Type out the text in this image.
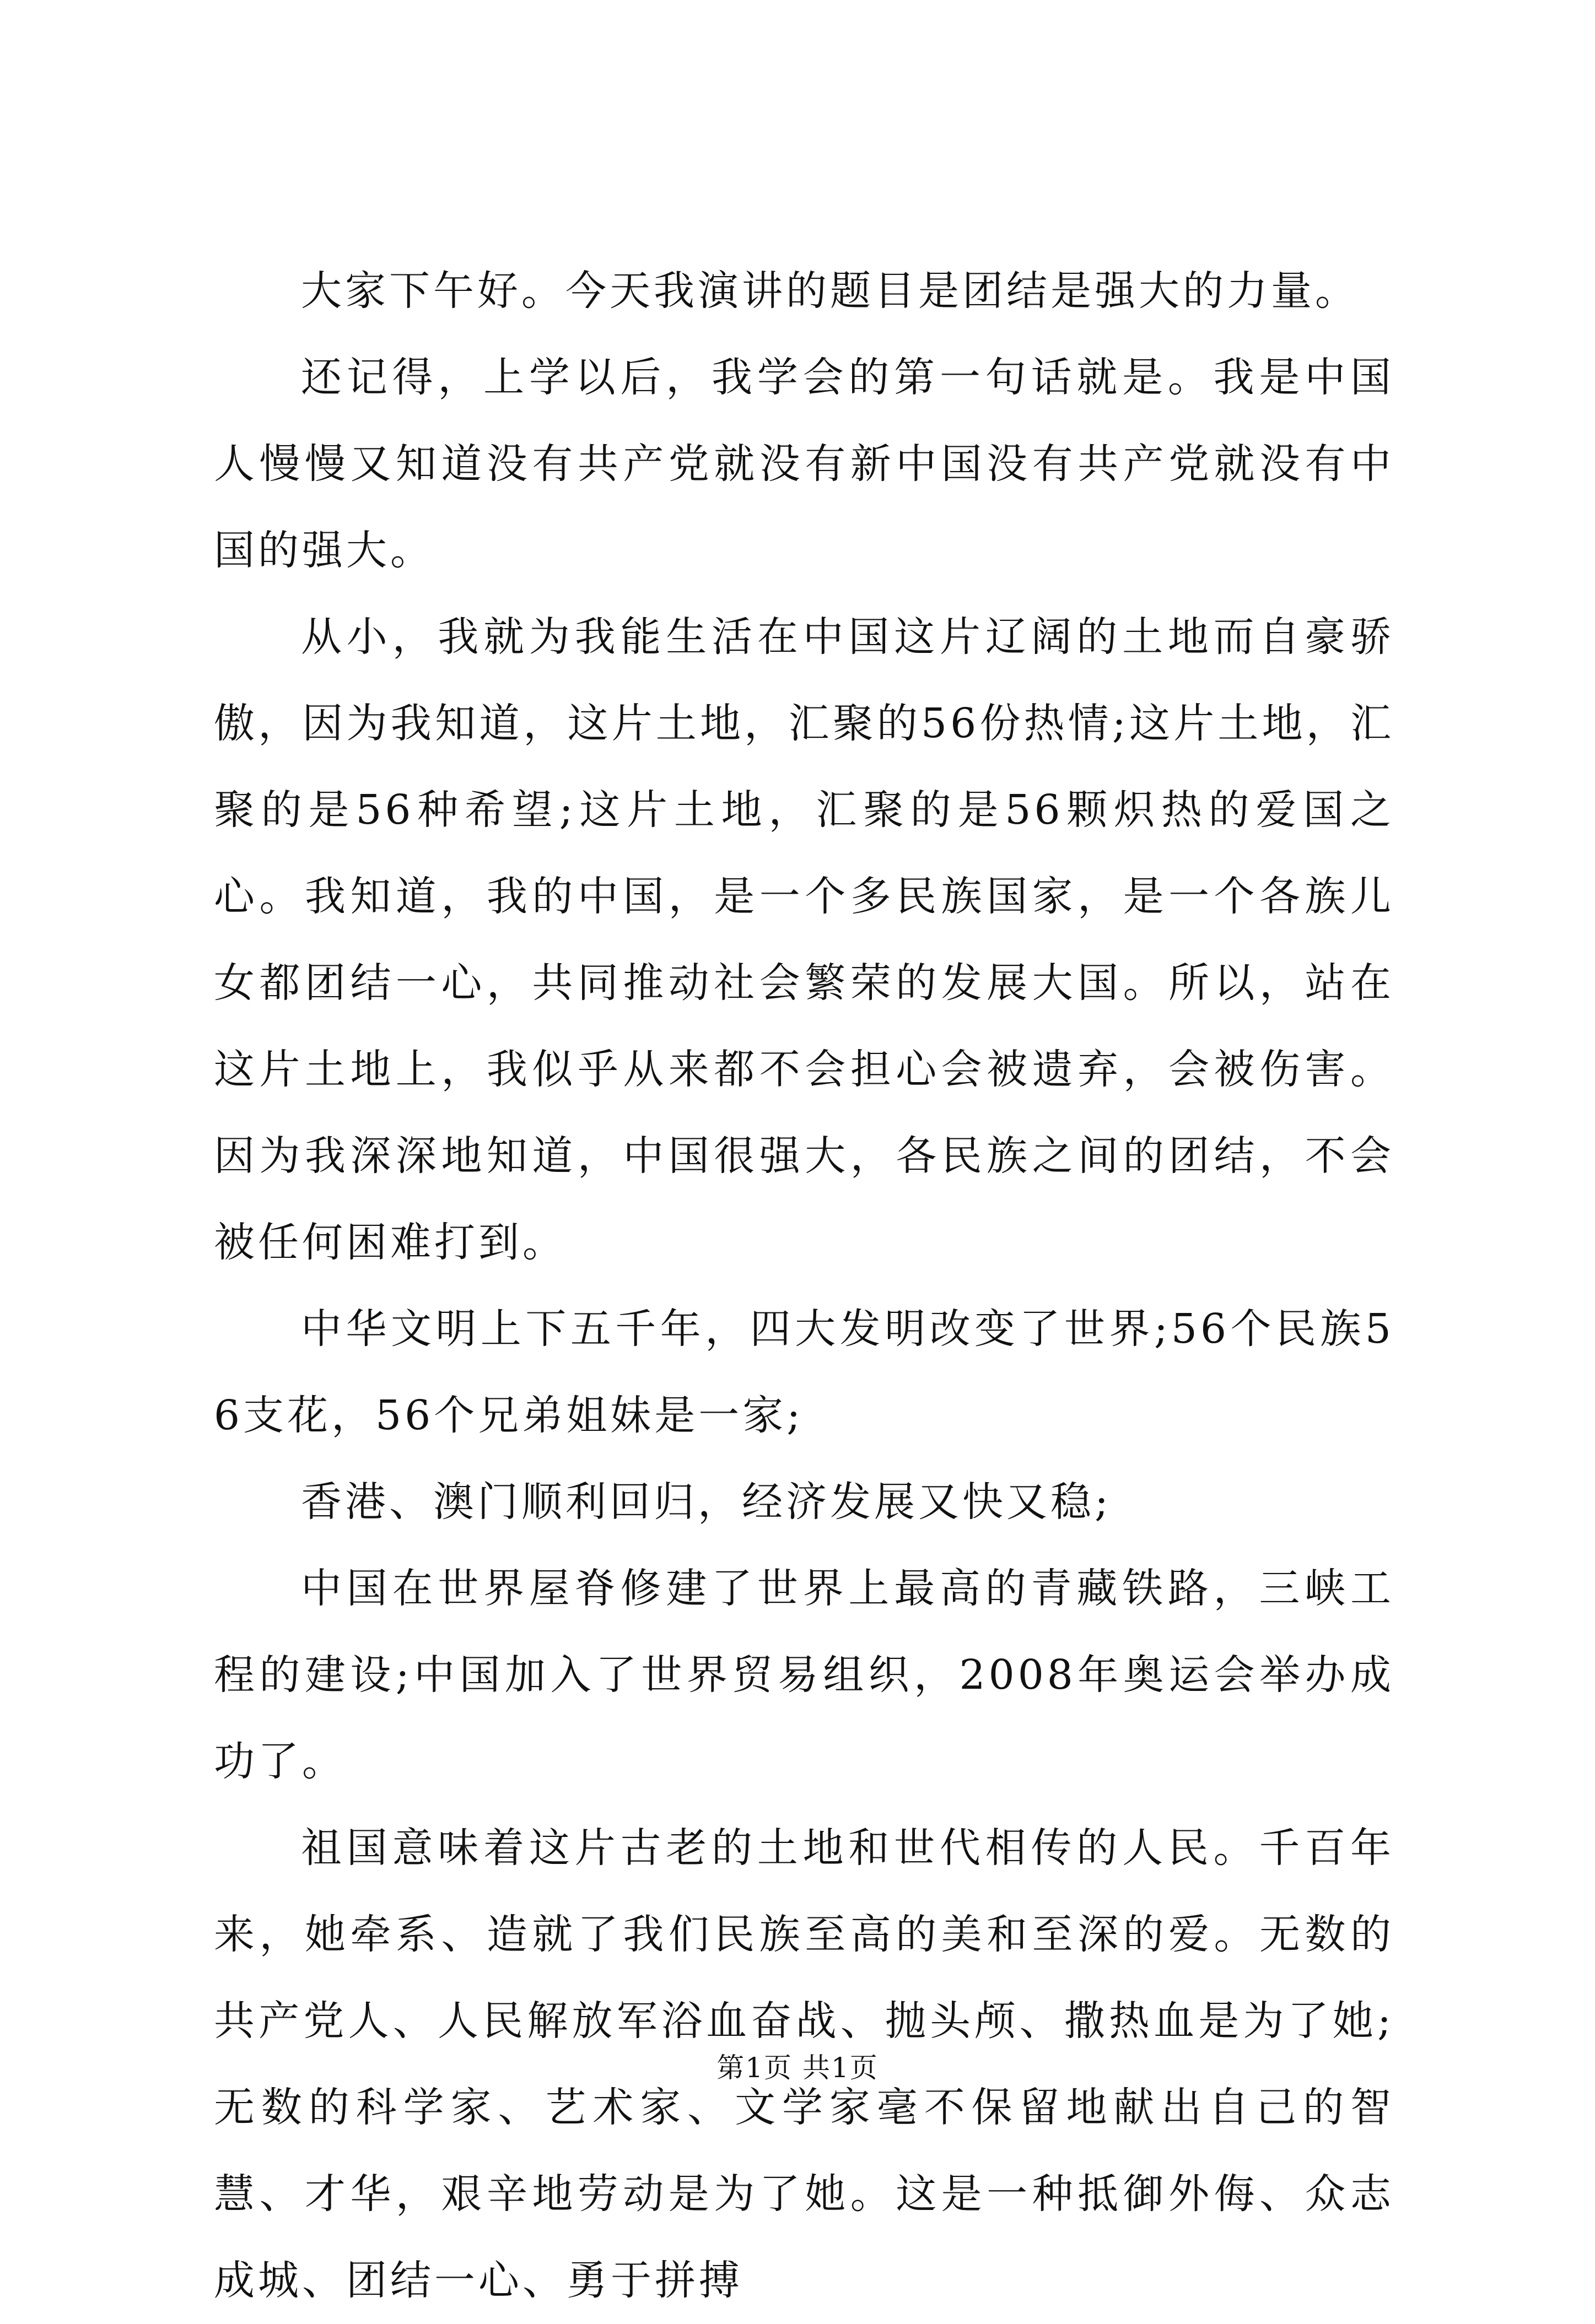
大家下午好。今天我演讲的题目是团结是强大的力量。

还记得，上学以后，我学会的第一句话就是。我是中国人慢慢又知道没有共产党就没有新中国没有共产党就没有中国的强大。

从小，我就为我能生活在中国这片辽阔的土地而自豪骄傲，因为我知道，这片土地，汇聚的56份热情;这片土地，汇聚的是56种希望;这片土地，汇聚的是56颗炽热的爱国之心。我知道，我的中国，是一个多民族国家，是一个各族儿女都团结一心，共同推动社会繁荣的发展大国。所以，站在这片土地上，我似乎从来都不会担心会被遗弃，会被伤害。因为我深深地知道，中国很强大，各民族之间的团结，不会被任何困难打到。

中华文明上下五千年，四大发明改变了世界;56个民族56支花，56个兄弟姐妹是一家;

香港、澳门顺利回归，经济发展又快又稳;

中国在世界屋脊修建了世界上最高的青藏铁路，三峡工程的建设;中国加入了世界贸易组织，2008年奥运会举办成功了。

祖国意味着这片古老的土地和世代相传的人民。千百年来，她牵系、造就了我们民族至高的美和至深的爱。无数的共产党人、人民解放军浴血奋战、抛头颅、撒热血是为了她;无数的科学家、艺术家、文学家毫不保留地献出自己的智慧、才华，艰辛地劳动是为了她。这是一种抵御外侮、众志成城、团结一心、勇于拼搏

第1页 共1页
